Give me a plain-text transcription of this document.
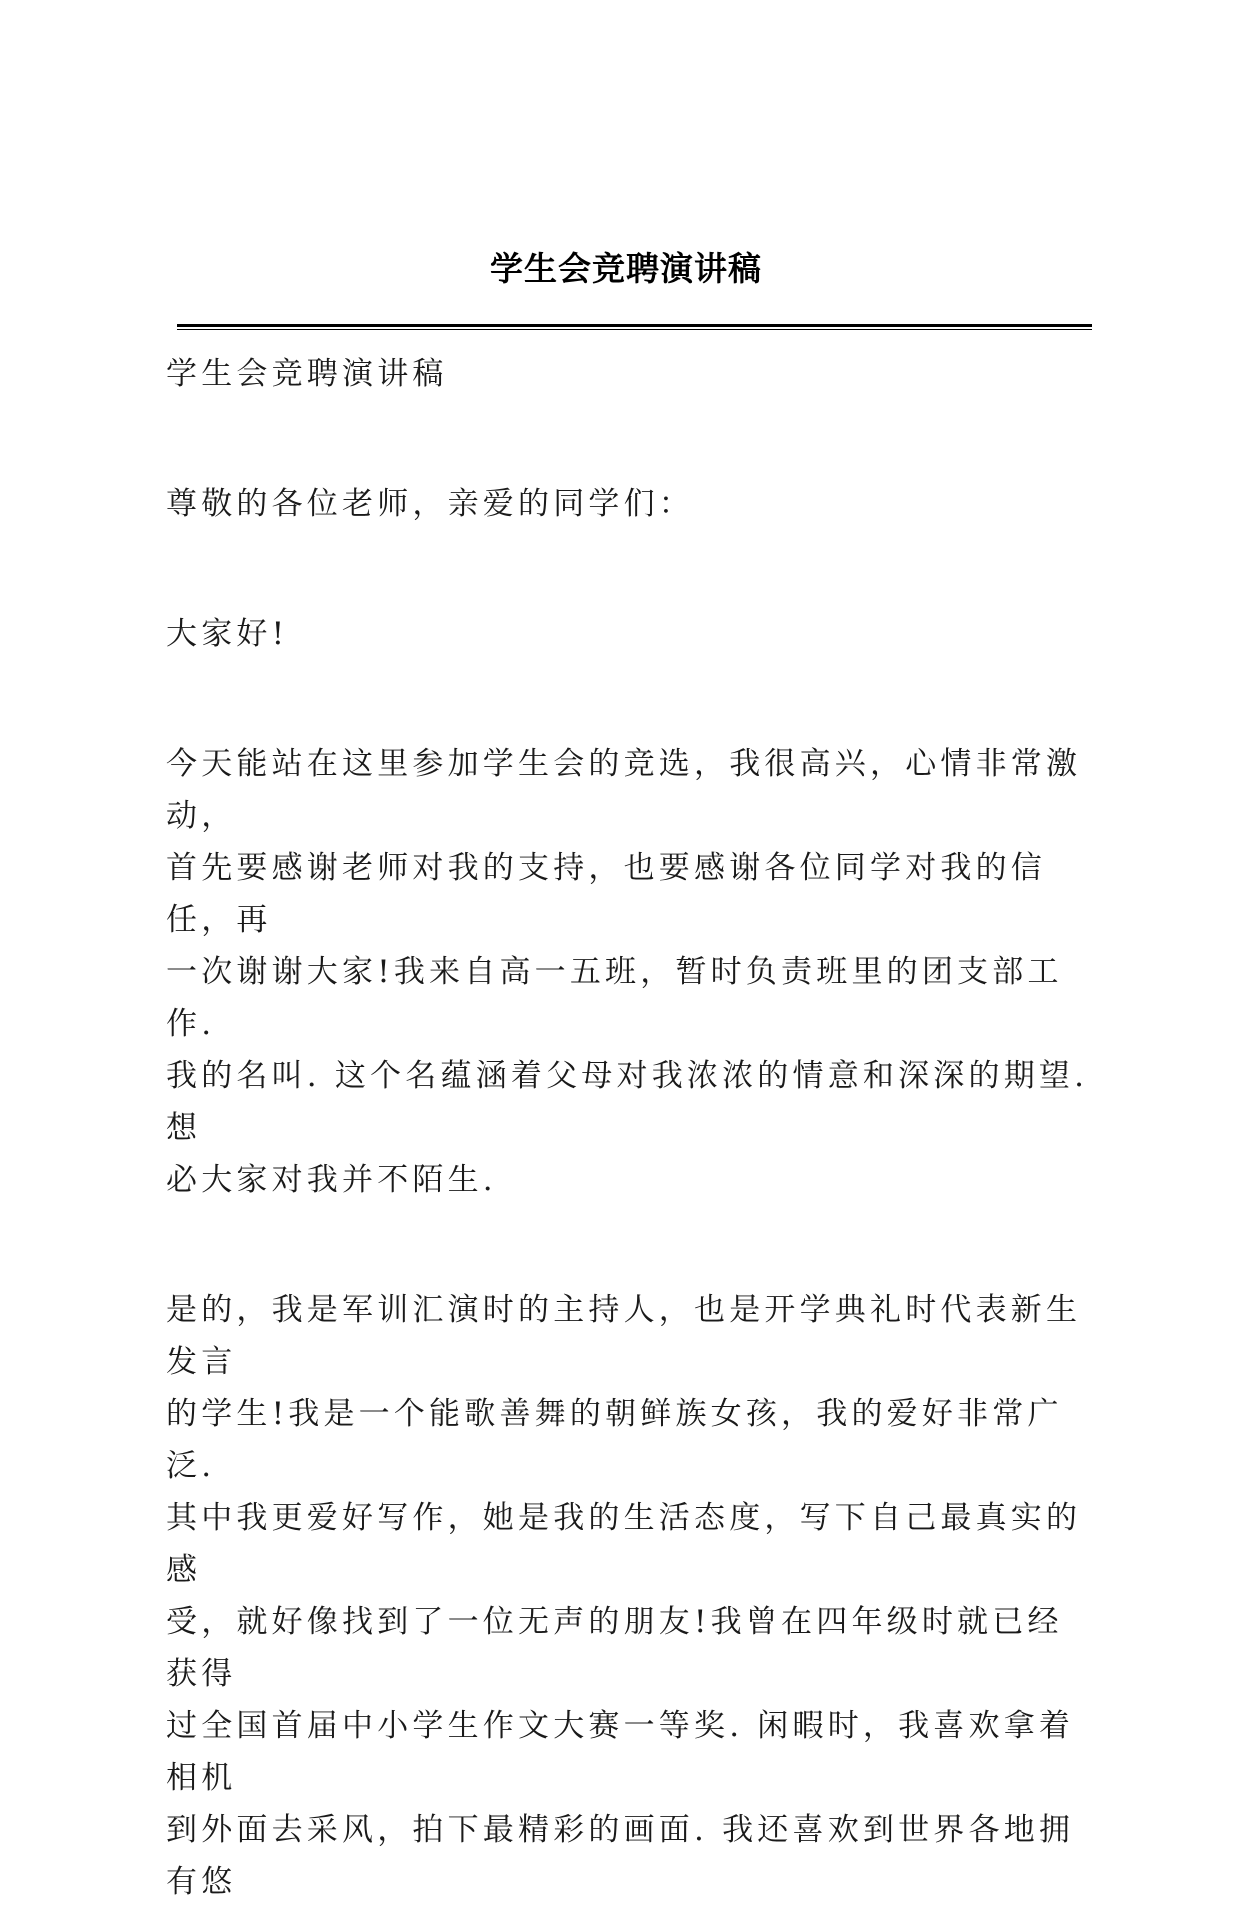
学生会竞聘演讲稿
学生会竞聘演讲稿
尊敬的各位老师，亲爱的同学们：
大家好!
今天能站在这里参加学生会的竞选，我很高兴，心情非常激动，
首先要感谢老师对我的支持，也要感谢各位同学对我的信任，再
一次谢谢大家!我来自高一五班，暂时负责班里的团支部工作.
我的名叫. 这个名蕴涵着父母对我浓浓的情意和深深的期望. 想
必大家对我并不陌生.
是的，我是军训汇演时的主持人，也是开学典礼时代表新生发言
的学生!我是一个能歌善舞的朝鲜族女孩，我的爱好非常广泛.
其中我更爱好写作，她是我的生活态度，写下自己最真实的感
受，就好像找到了一位无声的朋友!我曾在四年级时就已经获得
过全国首届中小学生作文大赛一等奖. 闲暇时，我喜欢拿着相机
到外面去采风，拍下最精彩的画面. 我还喜欢到世界各地拥有悠
